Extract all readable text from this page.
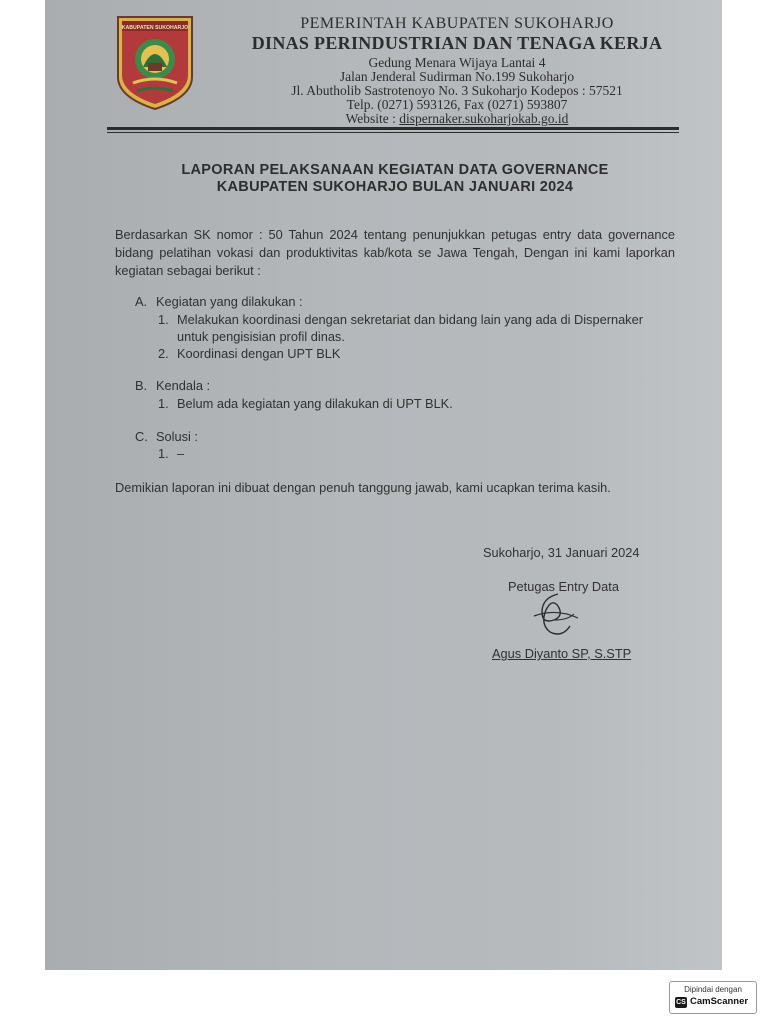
KABUPATEN SUKOHARJO	PEMERINTAH KABUPATEN SUKOHARJO
DINAS PERINDUSTRIAN DAN TENAGA KERJA
Gedung Menara Wijaya Lantai 4
Jalan Jenderal Sudirman No.199 Sukoharjo
Jl. Abutholib Sastrotenoyo No. 3 Sukoharjo Kodepos : 57521
Telp. (0271) 593126, Fax (0271) 593807
Website : dispernaker.sukoharjokab.go.id
LAPORAN PELAKSANAAN KEGIATAN DATA GOVERNANCE
KABUPATEN SUKOHARJO BULAN JANUARI 2024
Berdasarkan SK nomor : 50 Tahun 2024 tentang penunjukkan petugas entry data governance bidang pelatihan vokasi dan produktivitas kab/kota se Jawa Tengah, Dengan ini kami laporkan kegiatan sebagai berikut :
A. Kegiatan yang dilakukan :
1. Melakukan koordinasi dengan sekretariat dan bidang lain yang ada di Dispernaker
untuk pengisisian profil dinas.
2. Koordinasi dengan UPT BLK
B. Kendala :
1. Belum ada kegiatan yang dilakukan di UPT BLK.
C. Solusi :
1. –
Demikian laporan ini dibuat dengan penuh tanggung jawab, kami ucapkan terima kasih.
Sukoharjo, 31 Januari 2024
Petugas Entry Data
Agus Diyanto SP, S.STP
Dipindai dengan
CS CamScanner
